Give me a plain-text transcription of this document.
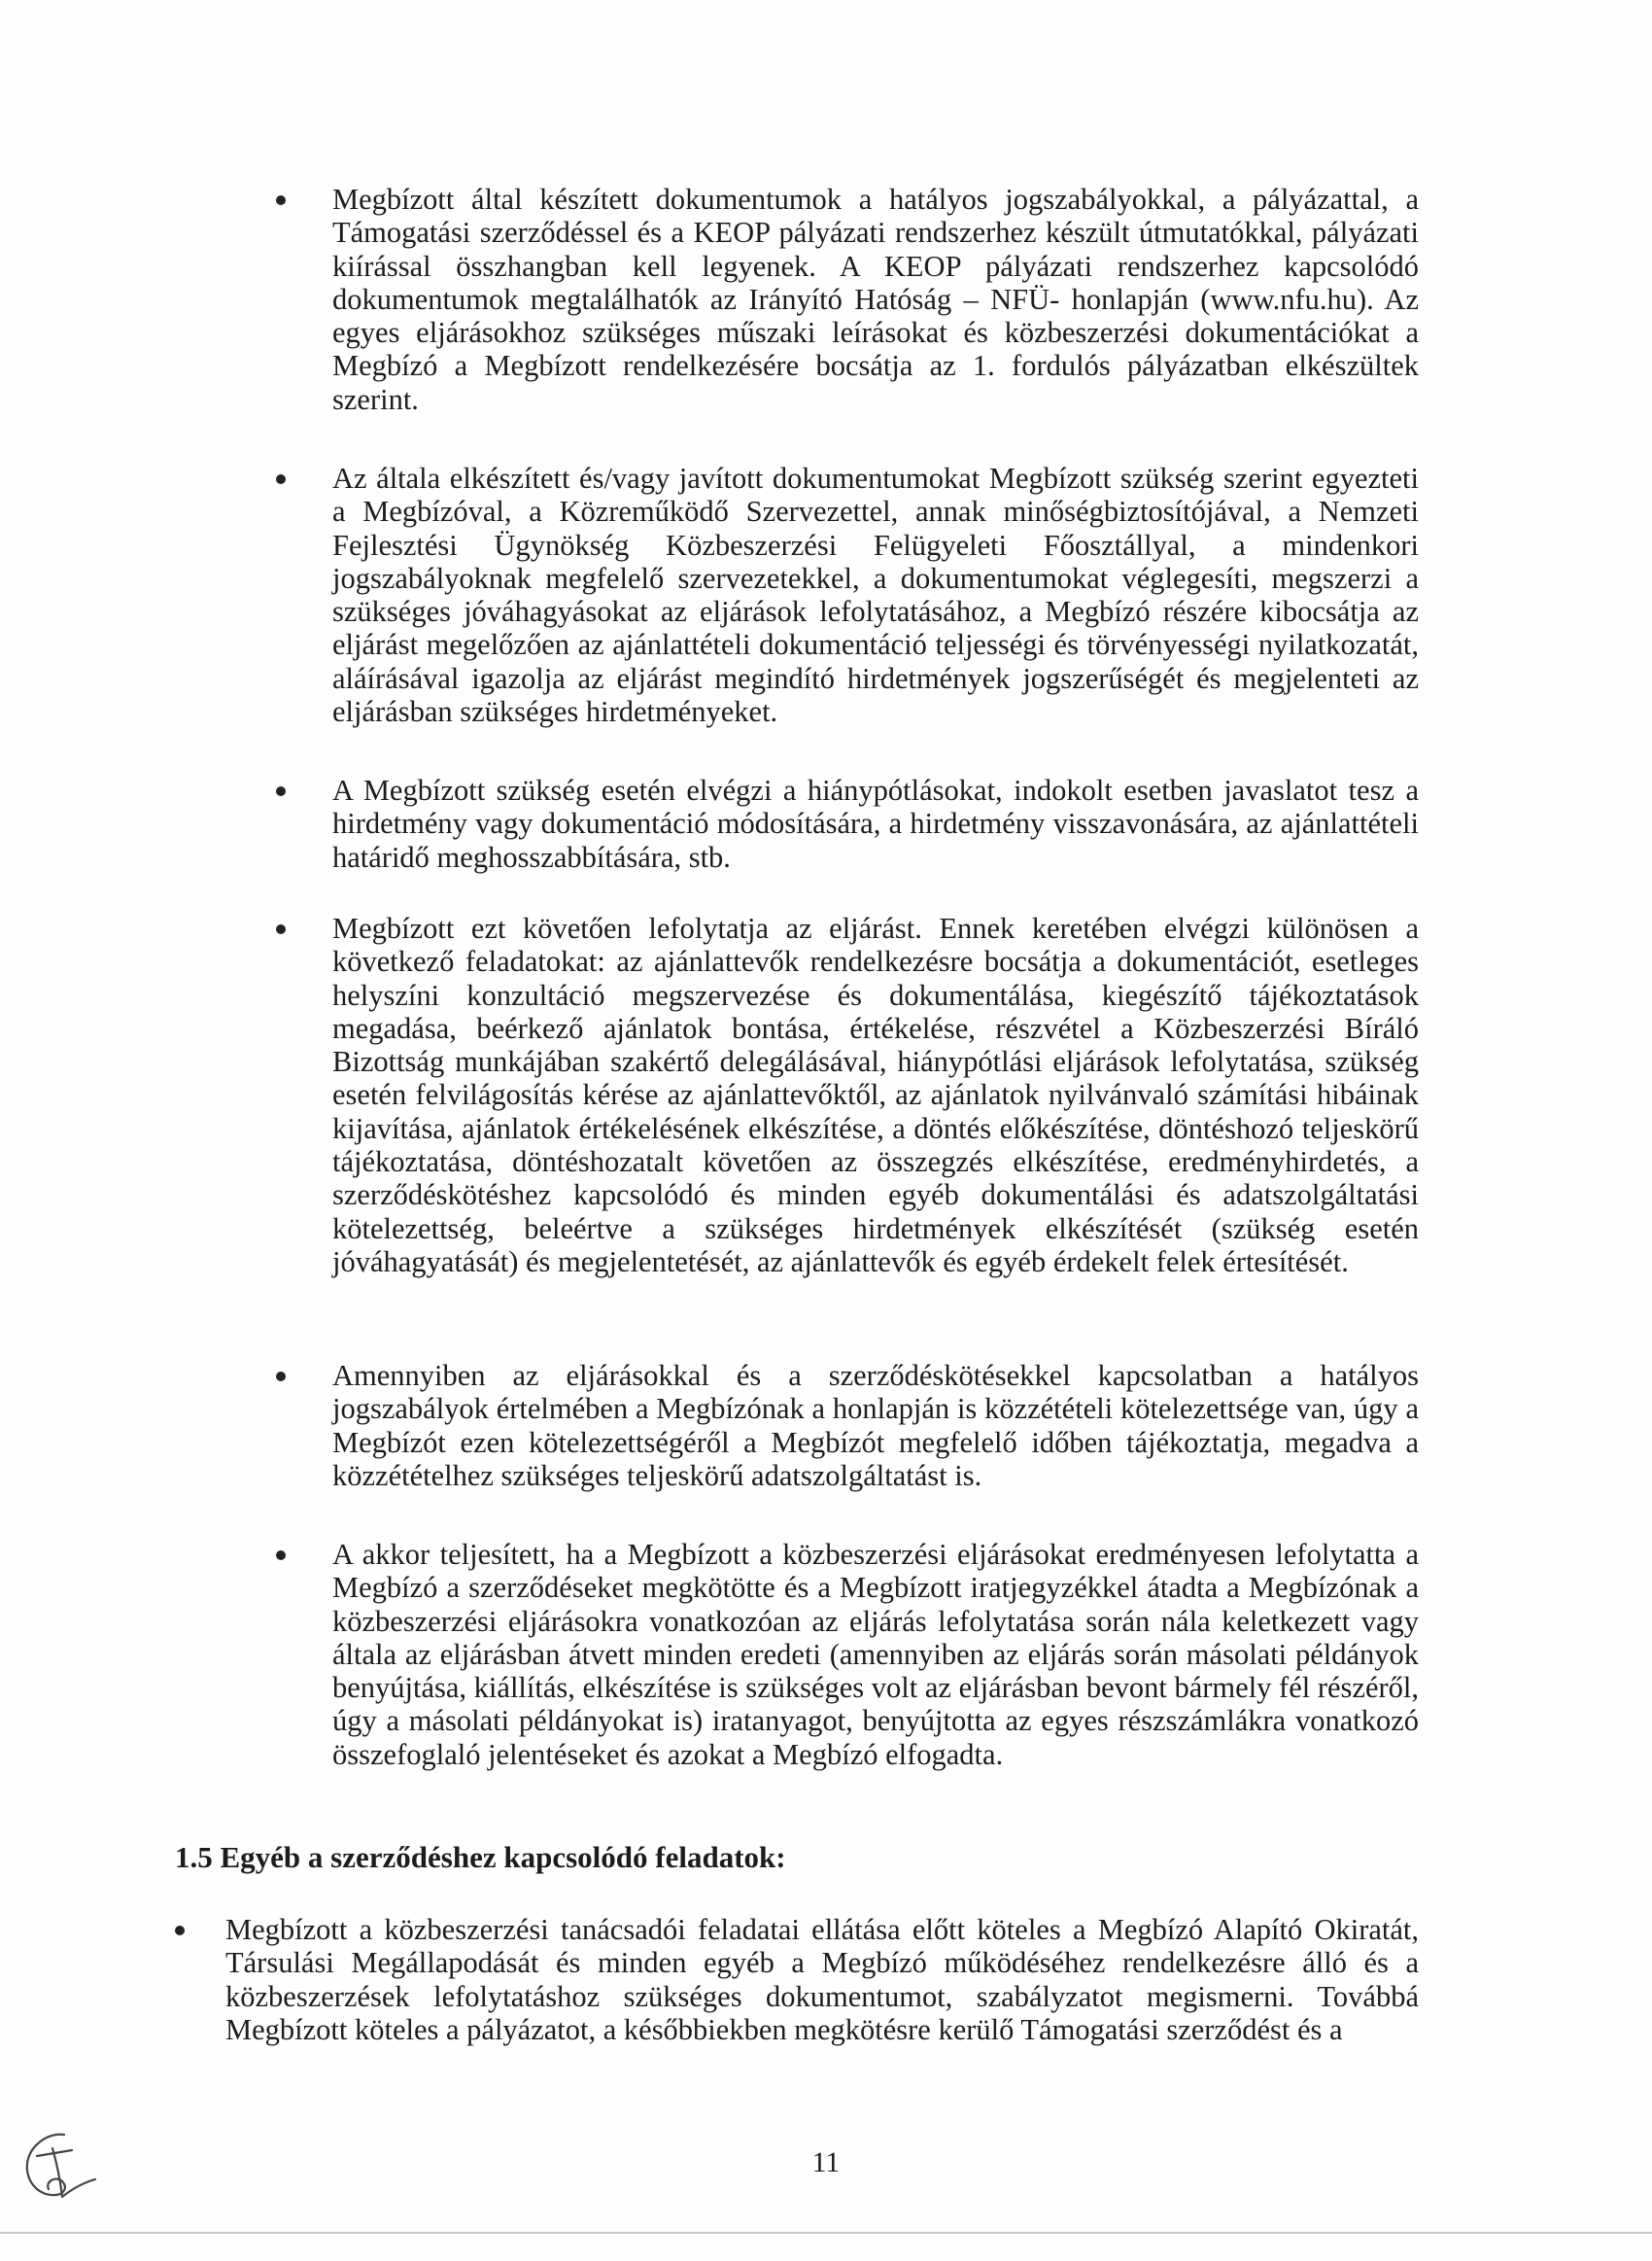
Megbízott által készített dokumentumok a hatályos jogszabályokkal, a pályázattal, a Támogatási szerződéssel és a KEOP pályázati rendszerhez készült útmutatókkal, pályázati kiírással összhangban kell legyenek. A KEOP pályázati rendszerhez kapcsolódó dokumentumok megtalálhatók az Irányító Hatóság – NFÜ- honlapján (www.nfu.hu). Az egyes eljárásokhoz szükséges műszaki leírásokat és közbeszerzési dokumentációkat a Megbízó a Megbízott rendelkezésére bocsátja az 1. fordulós pályázatban elkészültek szerint.

Az általa elkészített és/vagy javított dokumentumokat Megbízott szükség szerint egyezteti a Megbízóval, a Közreműködő Szervezettel, annak minőségbiztosítójával, a Nemzeti Fejlesztési Ügynökség Közbeszerzési Felügyeleti Főosztállyal, a mindenkori jogszabályoknak megfelelő szervezetekkel, a dokumentumokat véglegesíti, megszerzi a szükséges jóváhagyásokat az eljárások lefolytatásához, a Megbízó részére kibocsátja az eljárást megelőzően az ajánlattételi dokumentáció teljességi és törvényességi nyilatkozatát, aláírásával igazolja az eljárást megindító hirdetmények jogszerűségét és megjelenteti az eljárásban szükséges hirdetményeket.

A Megbízott szükség esetén elvégzi a hiánypótlásokat, indokolt esetben javaslatot tesz a hirdetmény vagy dokumentáció módosítására, a hirdetmény visszavonására, az ajánlattételi határidő meghosszabbítására, stb.

Megbízott ezt követően lefolytatja az eljárást. Ennek keretében elvégzi különösen a következő feladatokat: az ajánlattevők rendelkezésre bocsátja a dokumentációt, esetleges helyszíni konzultáció megszervezése és dokumentálása, kiegészítő tájékoztatások megadása, beérkező ajánlatok bontása, értékelése, részvétel a Közbeszerzési Bíráló Bizottság munkájában szakértő delegálásával, hiánypótlási eljárások lefolytatása, szükség esetén felvilágosítás kérése az ajánlattevőktől, az ajánlatok nyilvánvaló számítási hibáinak kijavítása, ajánlatok értékelésének elkészítése, a döntés előkészítése, döntéshozó teljeskörű tájékoztatása, döntéshozatalt követően az összegzés elkészítése, eredményhirdetés, a szerződéskötéshez kapcsolódó és minden egyéb dokumentálási és adatszolgáltatási kötelezettség, beleértve a szükséges hirdetmények elkészítését (szükség esetén jóváhagyatását) és megjelentetését, az ajánlattevők és egyéb érdekelt felek értesítését.

Amennyiben az eljárásokkal és a szerződéskötésekkel kapcsolatban a hatályos jogszabályok értelmében a Megbízónak a honlapján is közzétételi kötelezettsége van, úgy a Megbízót ezen kötelezettségéről a Megbízót megfelelő időben tájékoztatja, megadva a közzétételhez szükséges teljeskörű adatszolgáltatást is.

A akkor teljesített, ha a Megbízott a közbeszerzési eljárásokat eredményesen lefolytatta a Megbízó a szerződéseket megkötötte és a Megbízott iratjegyzékkel átadta a Megbízónak a közbeszerzési eljárásokra vonatkozóan az eljárás lefolytatása során nála keletkezett vagy általa az eljárásban átvett minden eredeti (amennyiben az eljárás során másolati példányok benyújtása, kiállítás, elkészítése is szükséges volt az eljárásban bevont bármely fél részéről, úgy a másolati példányokat is) iratanyagot, benyújtotta az egyes részszámlákra vonatkozó összefoglaló jelentéseket és azokat a Megbízó elfogadta.

1.5 Egyéb a szerződéshez kapcsolódó feladatok:

Megbízott a közbeszerzési tanácsadói feladatai ellátása előtt köteles a Megbízó Alapító Okiratát, Társulási Megállapodását és minden egyéb a Megbízó működéséhez rendelkezésre álló és a közbeszerzések lefolytatáshoz szükséges dokumentumot, szabályzatot megismerni. Továbbá Megbízott köteles a pályázatot, a későbbiekben megkötésre kerülő Támogatási szerződést és a

11
